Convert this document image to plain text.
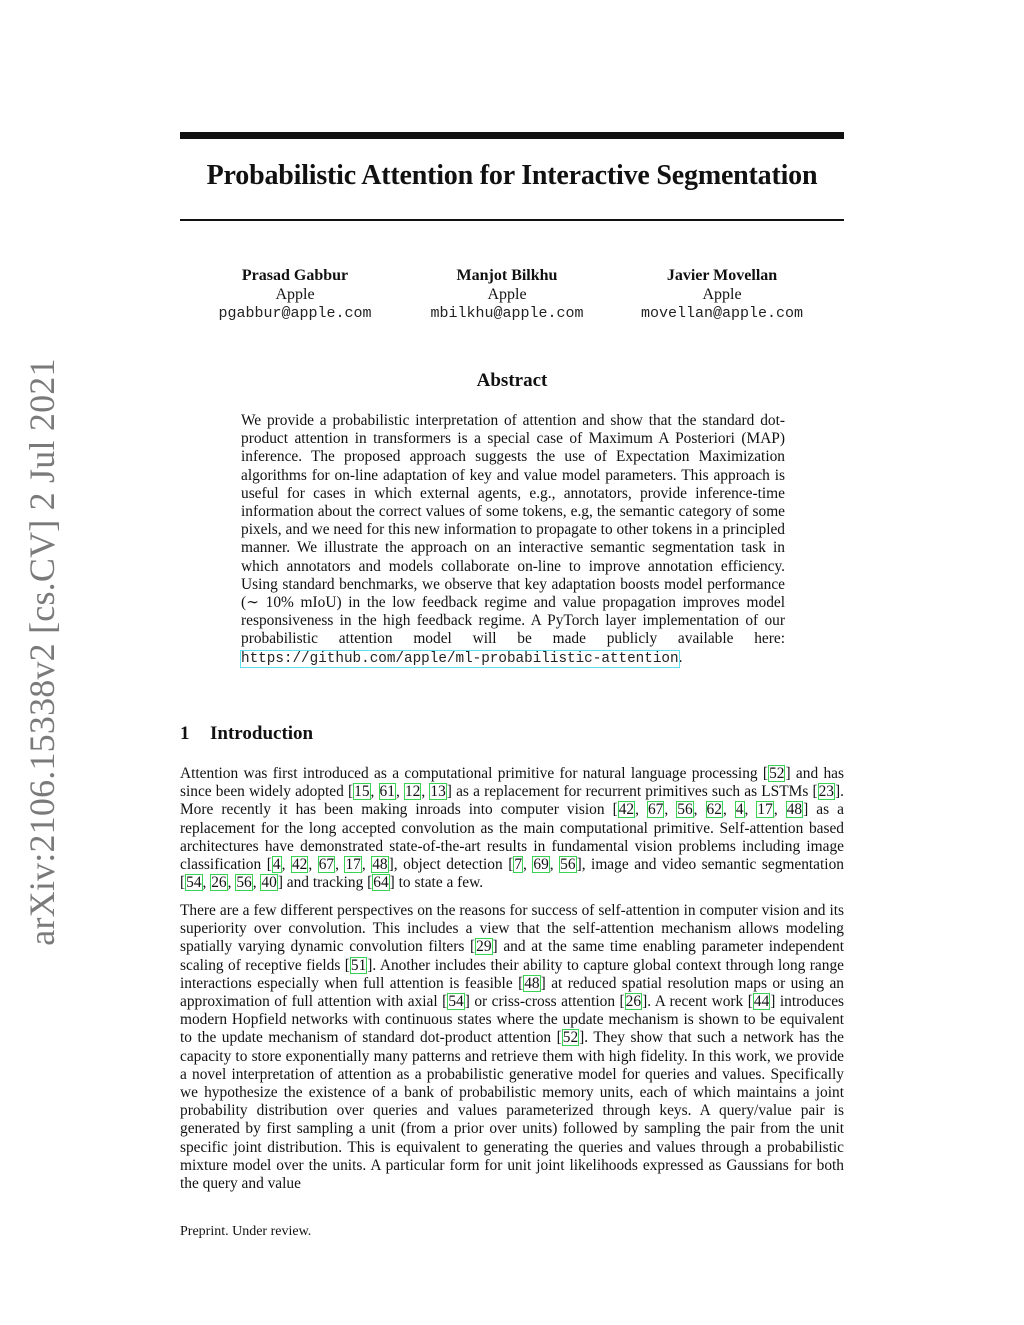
arXiv:2106.15338v2 [cs.CV] 2 Jul 2021
Probabilistic Attention for Interactive Segmentation
Prasad Gabbur
Apple
pgabbur@apple.com
Manjot Bilkhu
Apple
mbilkhu@apple.com
Javier Movellan
Apple
movellan@apple.com
Abstract

We provide a probabilistic interpretation of attention and show that the standard dot-product attention in transformers is a special case of Maximum A Posteriori (MAP) inference. The proposed approach suggests the use of Expectation Maximization algorithms for on-line adaptation of key and value model parameters. This approach is useful for cases in which external agents, e.g., annotators, provide inference-time information about the correct values of some tokens, e.g, the semantic category of some pixels, and we need for this new information to propagate to other tokens in a principled manner. We illustrate the approach on an interactive semantic segmentation task in which annotators and models collaborate on-line to improve annotation efficiency. Using standard benchmarks, we observe that key adaptation boosts model performance (∼ 10% mIoU) in the low feedback regime and value propagation improves model responsiveness in the high feedback regime. A PyTorch layer implementation of our probabilistic attention model will be made publicly available here: https://github.com/apple/ml-probabilistic-attention.

1 Introduction

Attention was first introduced as a computational primitive for natural language processing [52] and has since been widely adopted [15, 61, 12, 13] as a replacement for recurrent primitives such as LSTMs [23]. More recently it has been making inroads into computer vision [42, 67, 56, 62, 4, 17, 48] as a replacement for the long accepted convolution as the main computational primitive. Self-attention based architectures have demonstrated state-of-the-art results in fundamental vision problems including image classification [4, 42, 67, 17, 48], object detection [7, 69, 56], image and video semantic segmentation [54, 26, 56, 40] and tracking [64] to state a few.

There are a few different perspectives on the reasons for success of self-attention in computer vision and its superiority over convolution. This includes a view that the self-attention mechanism allows modeling spatially varying dynamic convolution filters [29] and at the same time enabling parameter independent scaling of receptive fields [51]. Another includes their ability to capture global context through long range interactions especially when full attention is feasible [48] at reduced spatial resolution maps or using an approximation of full attention with axial [54] or criss-cross attention [26]. A recent work [44] introduces modern Hopfield networks with continuous states where the update mechanism is shown to be equivalent to the update mechanism of standard dot-product attention [52]. They show that such a network has the capacity to store exponentially many patterns and retrieve them with high fidelity. In this work, we provide a novel interpretation of attention as a probabilistic generative model for queries and values. Specifically we hypothesize the existence of a bank of probabilistic memory units, each of which maintains a joint probability distribution over queries and values parameterized through keys. A query/value pair is generated by first sampling a unit (from a prior over units) followed by sampling the pair from the unit specific joint distribution. This is equivalent to generating the queries and values through a probabilistic mixture model over the units. A particular form for unit joint likelihoods expressed as Gaussians for both the query and value

Preprint. Under review.
